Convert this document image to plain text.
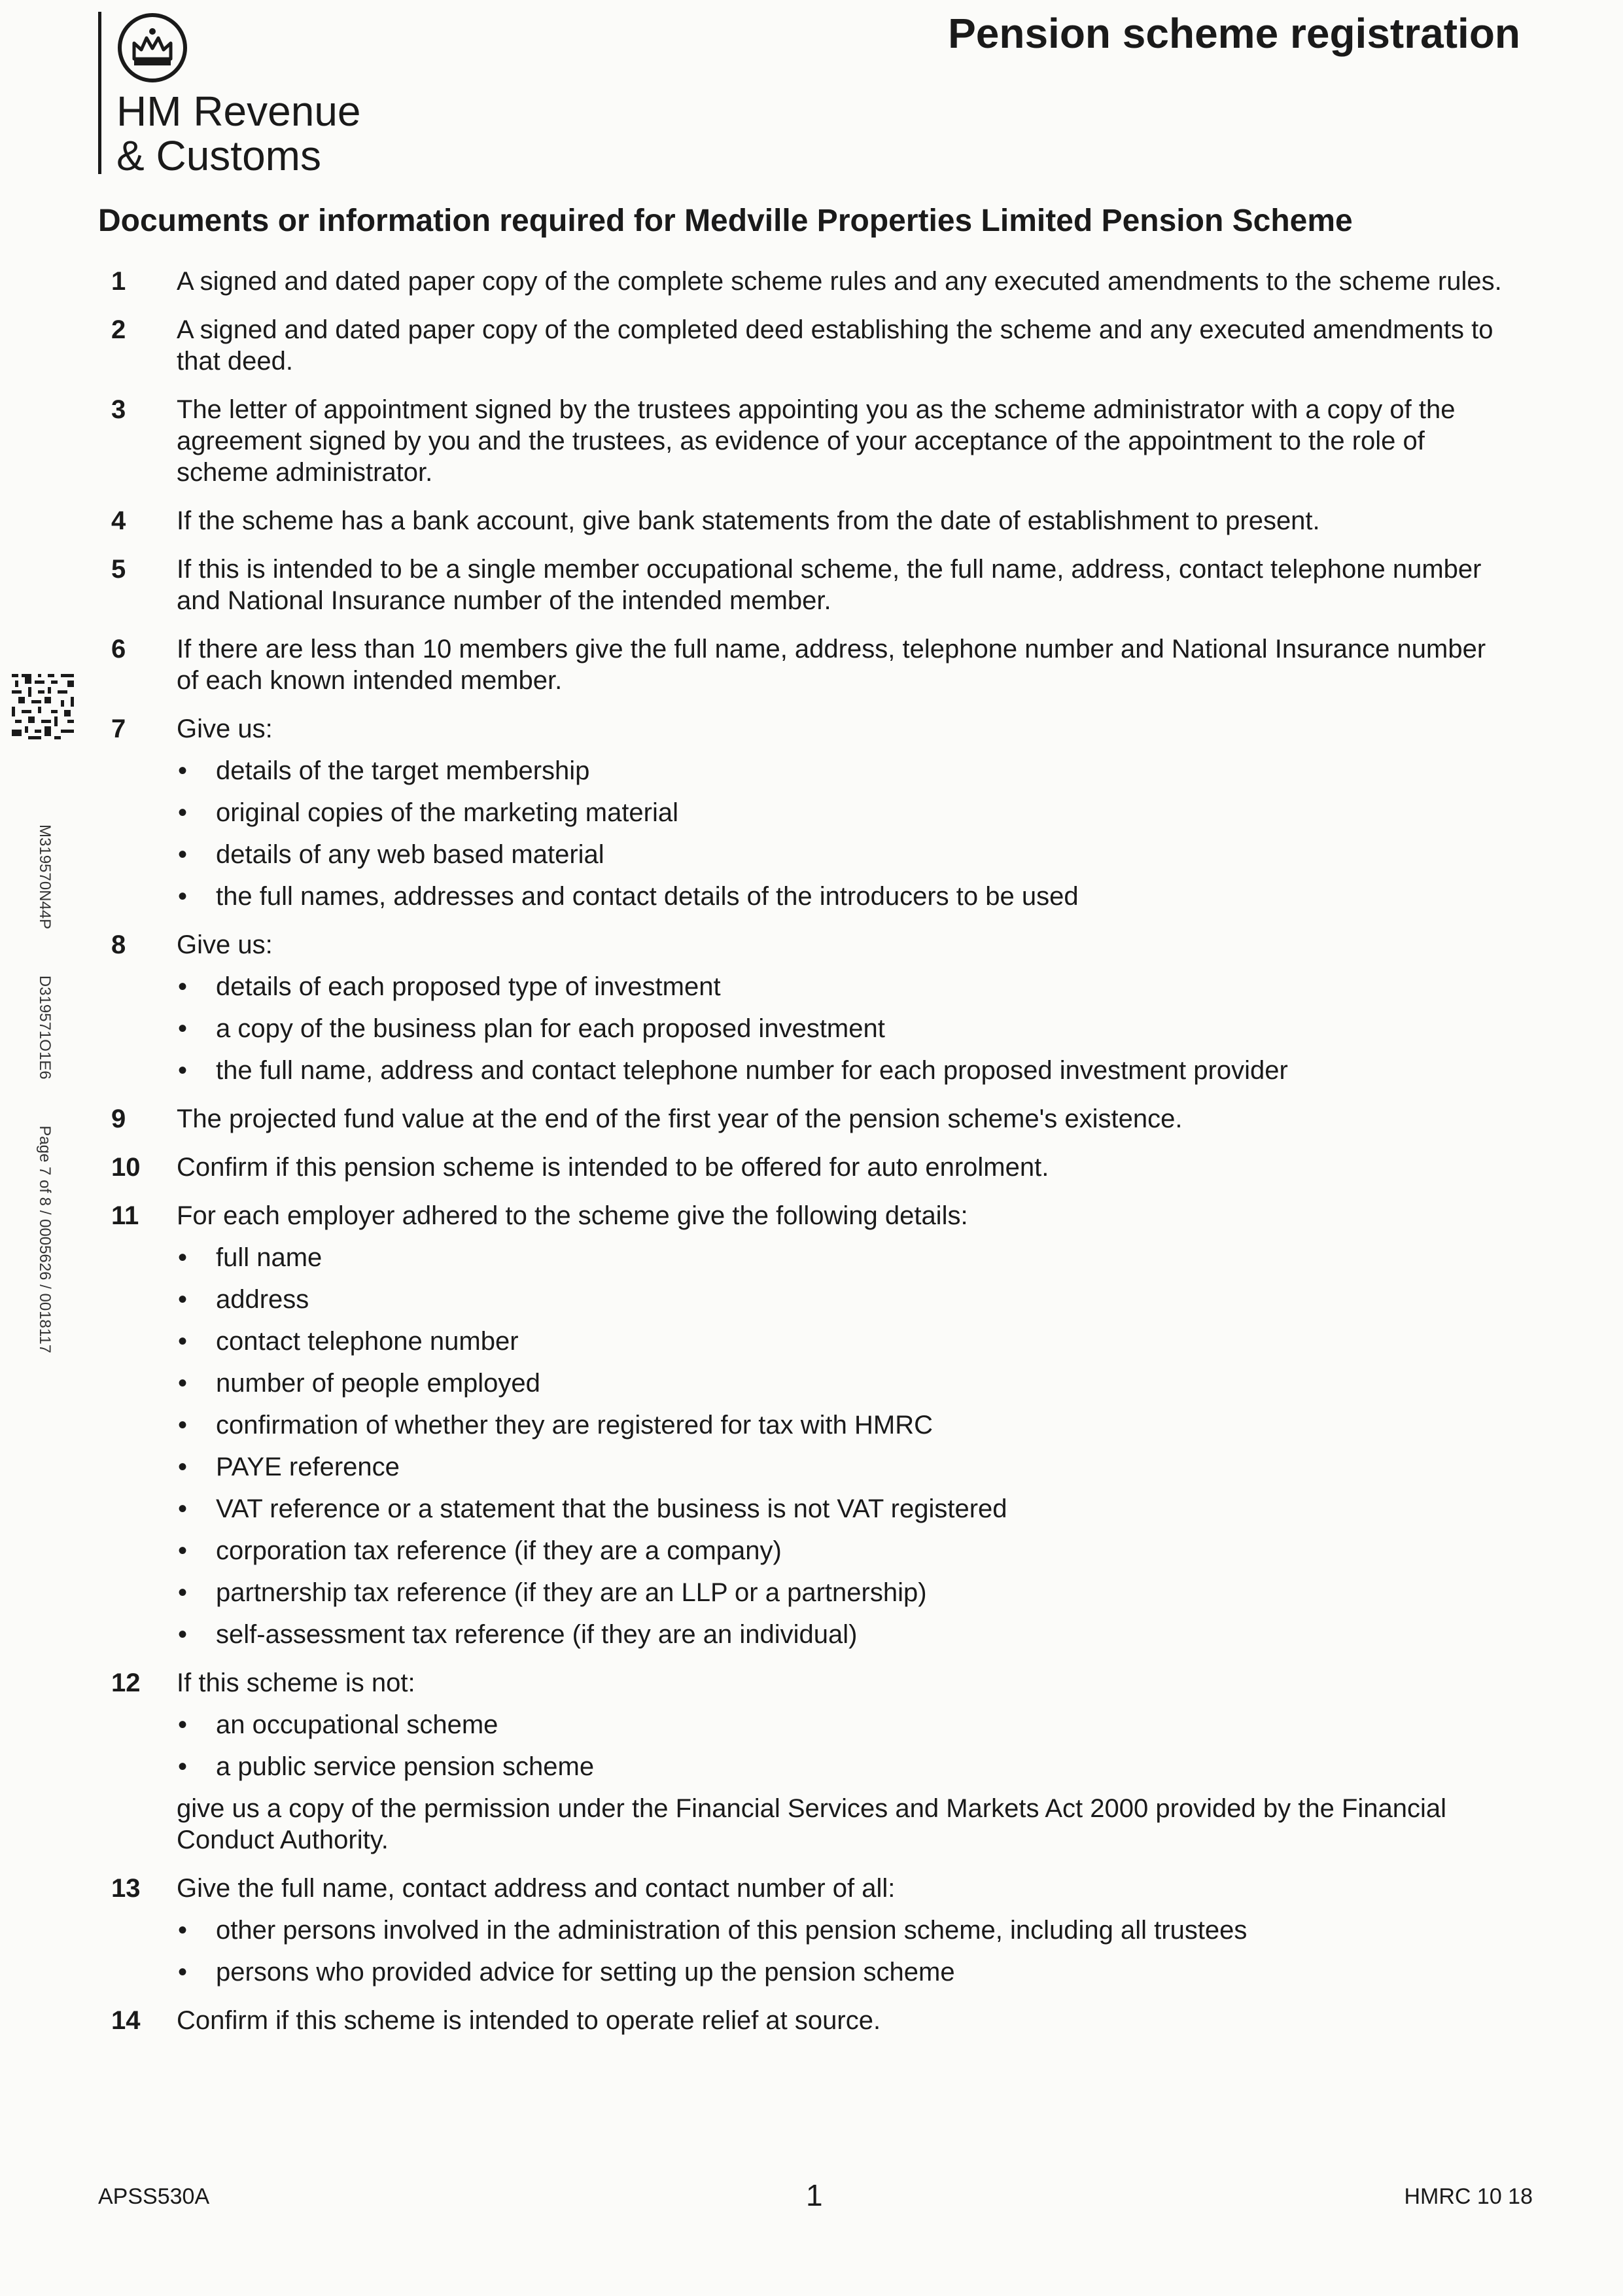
HM Revenue
& Customs
Pension scheme registration
Documents or information required for Medville Properties Limited Pension Scheme
M319570N44P D319571O1E6 Page 7 of 8 / 0005626 / 0018117
1	A signed and dated paper copy of the complete scheme rules and any executed amendments to the scheme rules.

2	A signed and dated paper copy of the completed deed establishing the scheme and any executed amendments to that deed.

3	The letter of appointment signed by the trustees appointing you as the scheme administrator with a copy of the agreement signed by you and the trustees, as evidence of your acceptance of the appointment to the role of scheme administrator.

4	If the scheme has a bank account, give bank statements from the date of establishment to present.

5	If this is intended to be a single member occupational scheme, the full name, address, contact telephone number and National Insurance number of the intended member.

6	If there are less than 10 members give the full name, address, telephone number and National Insurance number of each known intended member.

7	Give us:

• details of the target membership
• original copies of the marketing material
• details of any web based material
• the full names, addresses and contact details of the introducers to be used
8	Give us:

• details of each proposed type of investment
• a copy of the business plan for each proposed investment
• the full name, address and contact telephone number for each proposed investment provider
9	The projected fund value at the end of the first year of the pension scheme's existence.

10	Confirm if this pension scheme is intended to be offered for auto enrolment.

11	For each employer adhered to the scheme give the following details:

• full name
• address
• contact telephone number
• number of people employed
• confirmation of whether they are registered for tax with HMRC
• PAYE reference
• VAT reference or a statement that the business is not VAT registered
• corporation tax reference (if they are a company)
• partnership tax reference (if they are an LLP or a partnership)
• self-assessment tax reference (if they are an individual)
12	If this scheme is not:

• an occupational scheme
• a public service pension scheme

give us a copy of the permission under the Financial Services and Markets Act 2000 provided by the Financial Conduct Authority.

13	Give the full name, contact address and contact number of all:

• other persons involved in the administration of this pension scheme, including all trustees
• persons who provided advice for setting up the pension scheme
14	Confirm if this scheme is intended to operate relief at source.

APSS530A	1	HMRC 10 18
